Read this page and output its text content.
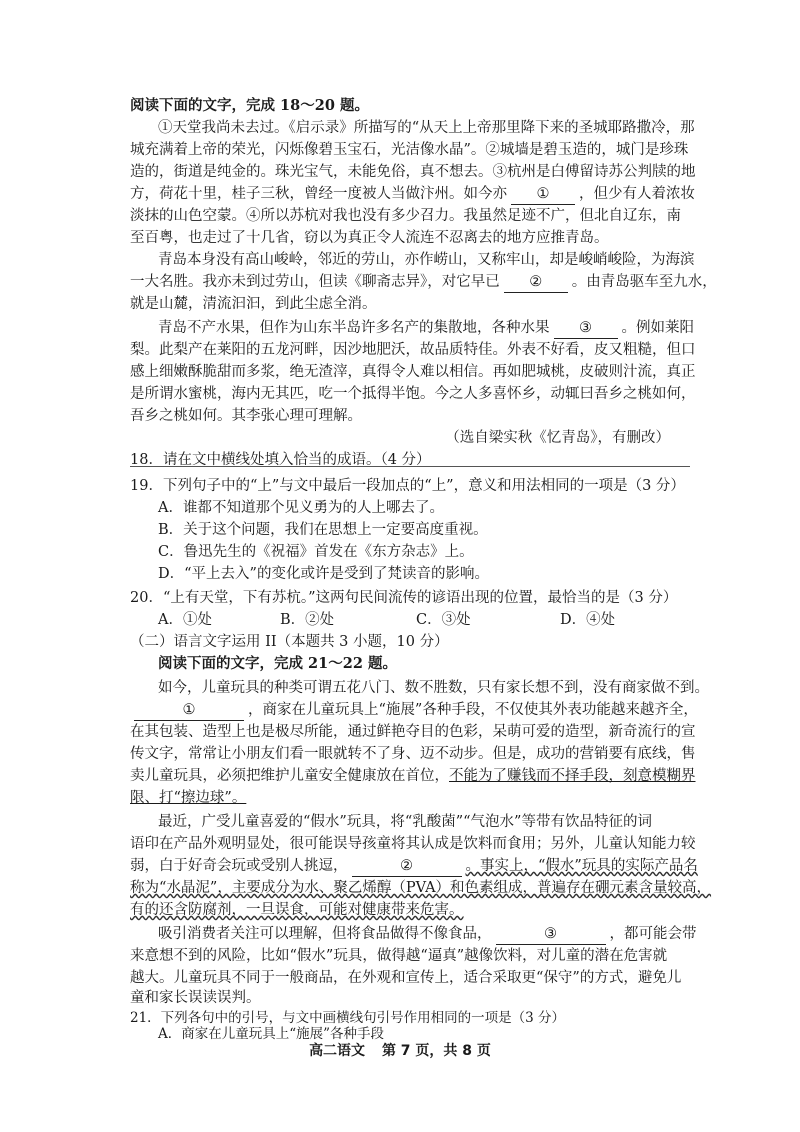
阅读下面的文字，完成 18～20 题。
①天堂我尚未去过。《启示录》所描写的“从天上上帝那里降下来的圣城耶路撒冷，那
城充满着上帝的荣光，闪烁像碧玉宝石，光洁像水晶”。②城墙是碧玉造的，城门是珍珠
造的，街道是纯金的。珠光宝气，未能免俗，真不想去。③杭州是白傅留诗苏公判牍的地
方，荷花十里，桂子三秋，曾经一度被人当做汴州。如今亦 ① ，但少有人着浓妆
淡抹的山色空蒙。④所以苏杭对我也没有多少召力。我虽然足迹不广，但北自辽东，南
至百粤，也走过了十几省，窃以为真正令人流连不忍离去的地方应推青岛。
青岛本身没有高山峻岭，邻近的劳山，亦作崂山，又称牢山，却是峻峭峻险，为海滨
一大名胜。我亦未到过劳山，但读《聊斋志异》，对它早已 ② 。由青岛驱车至九水，
就是山麓，清流汩汩，到此尘虑全消。
青岛不产水果，但作为山东半岛许多名产的集散地，各种水果 ③ 。例如莱阳
梨。此梨产在莱阳的五龙河畔，因沙地肥沃，故品质特佳。外表不好看，皮又粗糙，但口
感上细嫩酥脆甜而多浆，绝无渣滓，真得令人难以相信。再如肥城桃，皮破则汁流，真正
是所谓水蜜桃，海内无其匹，吃一个抵得半饱。今之人多喜怀乡，动辄曰吾乡之桃如何，
吾乡之桃如何。其李张心理可理解。
（选自梁实秋《忆青岛》，有删改）
18．请在文中横线处填入恰当的成语。（4 分）
19．下列句子中的“上”与文中最后一段加点的“上”，意义和用法相同的一项是（3 分）
A．谁都不知道那个见义勇为的人上哪去了。
B．关于这个问题，我们在思想上一定要高度重视。
C．鲁迅先生的《祝福》首发在《东方杂志》上。
D．“平上去入”的变化或许是受到了梵读音的影响。
20．“上有天堂，下有苏杭。”这两句民间流传的谚语出现的位置，最恰当的是（3 分）
A．①处	B．②处	C．③处	D．④处
（二）语言文字运用 II（本题共 3 小题，10 分）
阅读下面的文字，完成 21～22 题。
如今，儿童玩具的种类可谓五花八门、数不胜数，只有家长想不到，没有商家做不到。
①	，商家在儿童玩具上“施展”各种手段，不仅使其外表功能越来越齐全，
在其包装、造型上也是极尽所能，通过鲜艳夺目的色彩，呆萌可爱的造型，新奇流行的宣
传文字，常常让小朋友们看一眼就转不了身、迈不动步。但是，成功的营销要有底线，售
卖儿童玩具，必须把维护儿童安全健康放在首位，不能为了赚钱而不择手段，刻意模糊界
限、打“擦边球”。
最近，广受儿童喜爱的“假水”玩具，将“乳酸菌”“气泡水”等带有饮品特征的词
语印在产品外观明显处，很可能误导孩童将其认成是饮料而食用；另外，儿童认知能力较
弱，白于好奇会玩或受别人挑逗，	②	。事实上，“假水”玩具的实际产品名
称为“水晶泥”，主要成分为水、聚乙烯醇（PVA）和色素组成，普遍存在硼元素含量较高，
有的还含防腐剂，一旦误食，可能对健康带来危害。
吸引消费者关注可以理解，但将食品做得不像食品，	③	，都可能会带
来意想不到的风险，比如“假水”玩具，做得越“逼真”越像饮料，对儿童的潜在危害就
越大。儿童玩具不同于一般商品，在外观和宣传上，适合采取更“保守”的方式，避免儿
童和家长误读误判。
高二语文 第 7 页，共 8 页
21．下列各句中的引号，与文中画横线句引号作用相同的一项是（3 分）
A．商家在儿童玩具上“施展”各种手段
